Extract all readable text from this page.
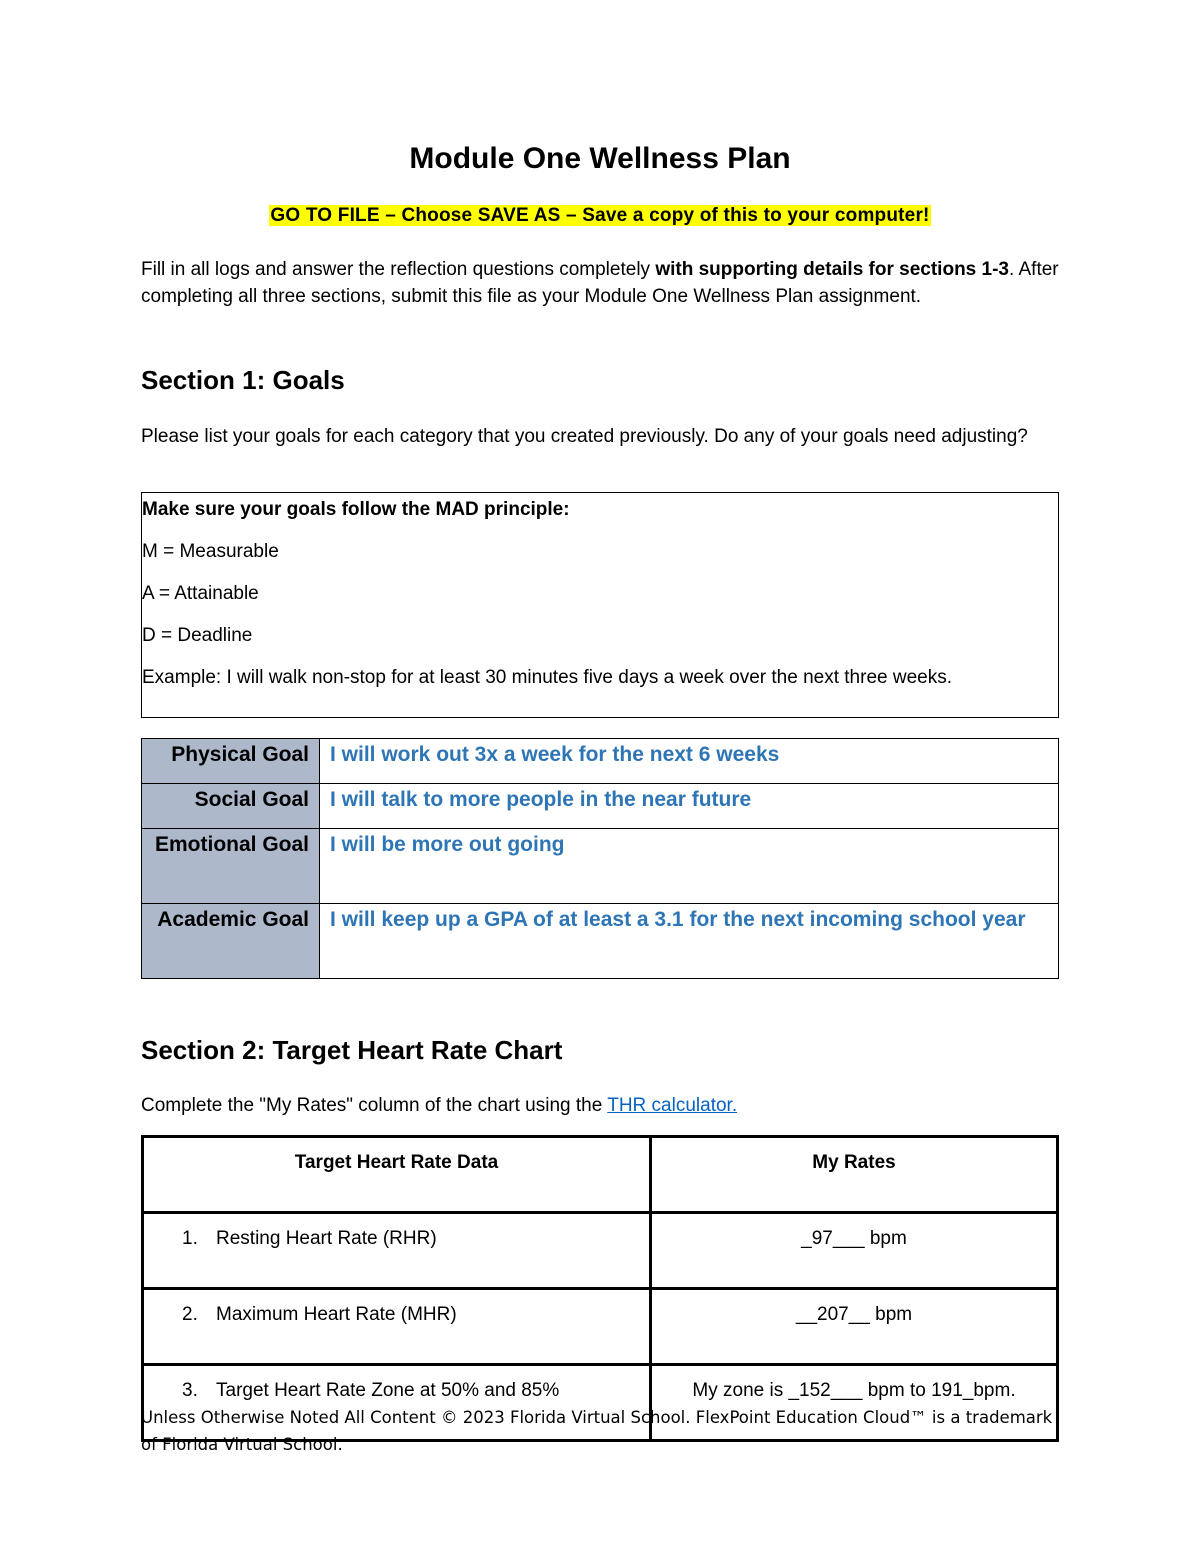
Module One Wellness Plan
GO TO FILE – Choose SAVE AS – Save a copy of this to your computer!
Fill in all logs and answer the reflection questions completely with supporting details for sections 1-3. After completing all three sections, submit this file as your Module One Wellness Plan assignment.
Section 1: Goals
Please list your goals for each category that you created previously. Do any of your goals need adjusting?

Make sure your goals follow the MAD principle:

M = Measurable

A = Attainable

D = Deadline

Example: I will walk non-stop for at least 30 minutes five days a week over the next three weeks.

Physical Goal	I will work out 3x a week for the next 6 weeks
Social Goal	I will talk to more people in the near future
Emotional Goal	I will be more out going
Academic Goal	I will keep up a GPA of at least a 3.1 for the next incoming school year
Section 2: Target Heart Rate Chart
Complete the "My Rates" column of the chart using the THR calculator.
Target Heart Rate Data	My Rates
1. Resting Heart Rate (RHR)	_97___ bpm
2. Maximum Heart Rate (MHR)	__207__ bpm
3. Target Heart Rate Zone at 50% and 85%	My zone is _152___ bpm to 191_bpm.
Unless Otherwise Noted All Content © 2023 Florida Virtual School. FlexPoint Education Cloud™ is a trademark of Florida Virtual School.
